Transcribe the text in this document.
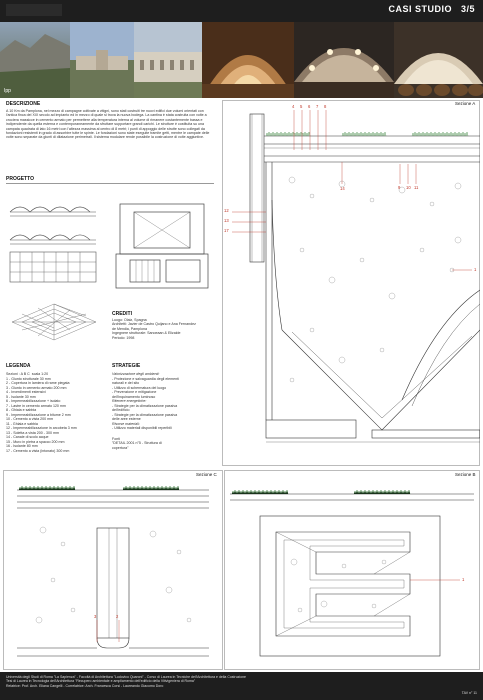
CASI STUDIO 3/5
Ipp
DESCRIZIONE
A 10 Km da Pamplona, nel mezzo di campagne coltivate a vitigni, sono stati costruiti tre nuovi edifici due volumi orientati con l'antica finca del XIX secolo ad impianto ed in mezzo di quale si trova la nuova bodega. La cantina è stata costruita con volte a crociera massicce in cemento armato per permettere alla temperatura interna al volume di rimanere costantemente bassa e indipendente da quella esterna e contemporaneamente da sfruttare supportare grandi carichi. Le strutture è costituita su una campata quadrata di lato 16 metri con l'altezza massima al centro di 8 metri; i punti di appoggio delle strutte sono collegati da fondazioni resistenti in grado di assorbire tutte le spinte. Le fondazioni sono state eseguite tramite getti, mentre le campate delle volte sono separate da giunti di dilatazione perimetrali. Il sistema modulare rende possibile la costruzione di volte aggiuntive.
PROGETTO
CREDITI
Luogo: Olaiz, Spagna
Architetti: Javier de Castro Quijano e Ana Fernandez
de Mendia, Pamplona
Ingegnere strutturale: Sanoeaan & Elizalde
Periodo: 1998
LEGENDA
Sezioni : A B C  scala 1:20
1 - Giunto strutturale 30 mm
2 - Copertura in lamiera di rame piegata
3 - Giunto in cemento armato 200 mm
4 - Inverdimenti estensivi
5 - Isolante 30 mm
6 - Impermeabilizzazione + isolato
7 - Lastre in cemento armato 120 mm
8 - Ghiaia e sabbia
9 - Impermeabilizzazione a bitume 2 mm
10 - Cemento a vista 200 mm
11 - Ghiaia e sabbia
12 - Impermeabilizzazione in arcobeta 3 mm
13 - Soletta a vista 200 - 300 mm
14 - Canale di scolo acque
15 - Muro in pietra a spacco 200 mm
16 - Isolante 80 mm
17 - Cemento a vista (intonato) 300 mm
STRATEGIE
Valorizzazione degli ambienti:
- Protezione e salvaguardia degli elementi
naturali e del sito
- Utilizzo di schermatura del luogo
- Prevenzione e mitigazione
dell'inquinamento luminoso
Ritenere energetiche:
- Strategie per la climatizzazione passiva
dell'edificio
- Strategie per la climatizzazione passiva
delle aree esterne
Risorse materiali:
- Utilizzo materiali disponibili reperibili
Fonti
"DETAIL 2001 n°5 - Struttura di
copertura"
Sezione A
4 5 6 7 8
9 10 11
12
13
17
14
1
Sezione C
3	2
Sezione B
1
Università degli Studi di Roma "La Sapienza" - Facoltà di Architettura "Ludovico Quaroni" - Corso di Laurea in Tecniche dell'Architettura e della Costruzione
Tesi di Laurea in Tecnologia dell'Architettura "Recupero ambientale e ampliamento dell'edificio della Vitivigeniera di Roma"
Relatrice: Prof. Arch. Eliana Cangelli - Correlatrice: Arch. Francesca Corsi - Laureando Giacomo Doro
TAV n° 11
